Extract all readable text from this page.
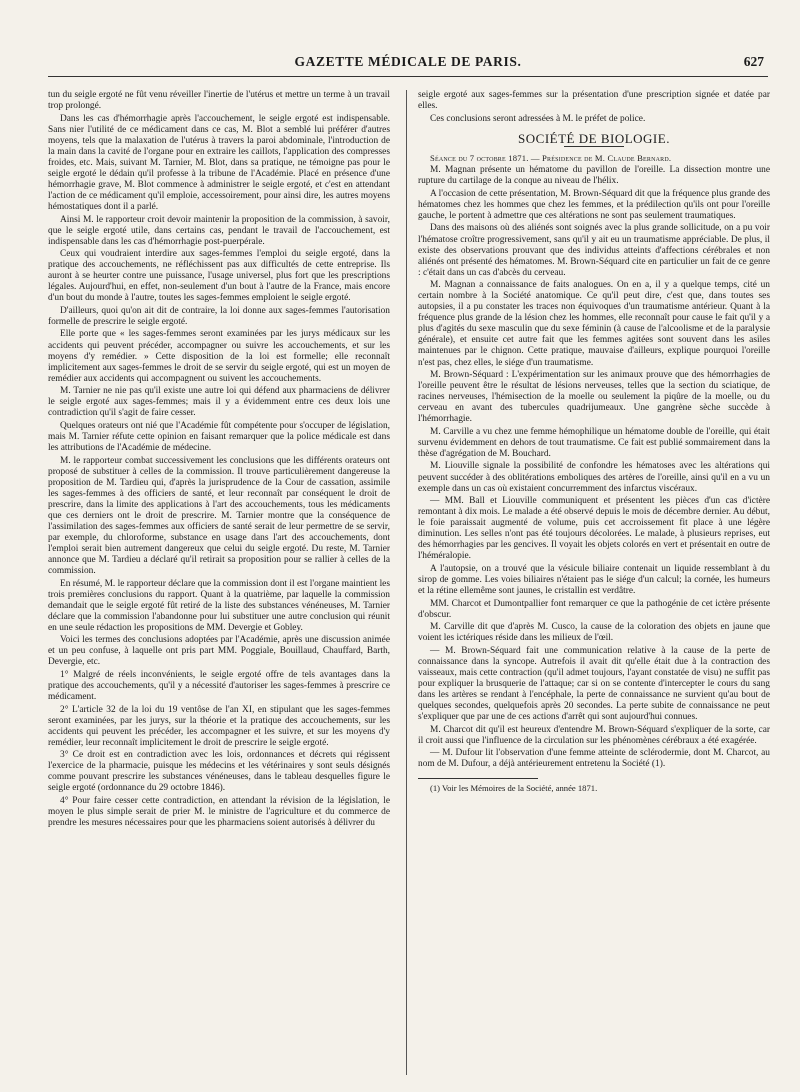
GAZETTE MÉDICALE DE PARIS.	627

tun du seigle ergoté ne fût venu réveiller l'inertie de l'utérus et mettre un terme à un travail trop prolongé.

Dans les cas d'hémorrhagie après l'accouchement, le seigle ergoté est indispensable. Sans nier l'utilité de ce médicament dans ce cas, M. Blot a semblé lui préférer d'autres moyens, tels que la malaxation de l'utérus à travers la paroi abdominale, l'introduction de la main dans la cavité de l'organe pour en extraire les caillots, l'application des compresses froides, etc. Mais, suivant M. Tarnier, M. Blot, dans sa pratique, ne témoigne pas pour le seigle ergoté le dédain qu'il professe à la tribune de l'Académie. Placé en présence d'une hémorrhagie grave, M. Blot commence à administrer le seigle ergoté, et c'est en attendant l'action de ce médicament qu'il emploie, accessoirement, pour ainsi dire, les autres moyens hémostatiques dont il a parlé.

Ainsi M. le rapporteur croit devoir maintenir la proposition de la commission, à savoir, que le seigle ergoté utile, dans certains cas, pendant le travail de l'accouchement, est indispensable dans les cas d'hémorrhagie post-puerpérale.

Ceux qui voudraient interdire aux sages-femmes l'emploi du seigle ergoté, dans la pratique des accouchements, ne réfléchissent pas aux difficultés de cette entreprise. Ils auront à se heurter contre une puissance, l'usage universel, plus fort que les prescriptions légales. Aujourd'hui, en effet, non-seulement d'un bout à l'autre de la France, mais encore d'un bout du monde à l'autre, toutes les sages-femmes emploient le seigle ergoté.

D'ailleurs, quoi qu'on ait dit de contraire, la loi donne aux sages-femmes l'autorisation formelle de prescrire le seigle ergoté.

Elle porte que « les sages-femmes seront examinées par les jurys médicaux sur les accidents qui peuvent précéder, accompagner ou suivre les accouchements, et sur les moyens d'y remédier. » Cette disposition de la loi est formelle; elle reconnaît implicitement aux sages-femmes le droit de se servir du seigle ergoté, qui est un moyen de remédier aux accidents qui accompagnent ou suivent les accouchements.

M. Tarnier ne nie pas qu'il existe une autre loi qui défend aux pharmaciens de délivrer le seigle ergoté aux sages-femmes; mais il y a évidemment entre ces deux lois une contradiction qu'il s'agit de faire cesser.

Quelques orateurs ont nié que l'Académie fût compétente pour s'occuper de législation, mais M. Tarnier réfute cette opinion en faisant remarquer que la police médicale est dans les attributions de l'Académie de médecine.

M. le rapporteur combat successivement les conclusions que les différents orateurs ont proposé de substituer à celles de la commission. Il trouve particulièrement dangereuse la proposition de M. Tardieu qui, d'après la jurisprudence de la Cour de cassation, assimile les sages-femmes à des officiers de santé, et leur reconnaît par conséquent le droit de prescrire, dans la limite des applications à l'art des accouchements, tous les médicaments que ces derniers ont le droit de prescrire. M. Tarnier montre que la conséquence de l'assimilation des sages-femmes aux officiers de santé serait de leur permettre de se servir, par exemple, du chloroforme, substance en usage dans l'art des accouchements, dont l'emploi serait bien autrement dangereux que celui du seigle ergoté. Du reste, M. Tarnier annonce que M. Tardieu a déclaré qu'il retirait sa proposition pour se rallier à celles de la commission.

En résumé, M. le rapporteur déclare que la commission dont il est l'organe maintient les trois premières conclusions du rapport. Quant à la quatrième, par laquelle la commission demandait que le seigle ergoté fût retiré de la liste des substances vénéneuses, M. Tarnier déclare que la commission l'abandonne pour lui substituer une autre conclusion qui réunit en une seule rédaction les propositions de MM. Devergie et Gobley.

Voici les termes des conclusions adoptées par l'Académie, après une discussion animée et un peu confuse, à laquelle ont pris part MM. Poggiale, Bouillaud, Chauffard, Barth, Devergie, etc.

1° Malgré de réels inconvénients, le seigle ergoté offre de tels avantages dans la pratique des accouchements, qu'il y a nécessité d'autoriser les sages-femmes à prescrire ce médicament.

2° L'article 32 de la loi du 19 ventôse de l'an XI, en stipulant que les sages-femmes seront examinées, par les jurys, sur la théorie et la pratique des accouchements, sur les accidents qui peuvent les précéder, les accompagner et les suivre, et sur les moyens d'y remédier, leur reconnaît implicitement le droit de prescrire le seigle ergoté.

3° Ce droit est en contradiction avec les lois, ordonnances et décrets qui régissent l'exercice de la pharmacie, puisque les médecins et les vétérinaires y sont seuls désignés comme pouvant prescrire les substances vénéneuses, dans le tableau desquelles figure le seigle ergoté (ordonnance du 29 octobre 1846).

4° Pour faire cesser cette contradiction, en attendant la révision de la législation, le moyen le plus simple serait de prier M. le ministre de l'agriculture et du commerce de prendre les mesures nécessaires pour que les pharmaciens soient autorisés à délivrer du

seigle ergoté aux sages-femmes sur la présentation d'une prescription signée et datée par elles.

Ces conclusions seront adressées à M. le préfet de police.

SOCIÉTÉ DE BIOLOGIE.

Séance du 7 octobre 1871. — Présidence de M. Claude Bernard.

M. Magnan présente un hématome du pavillon de l'oreille. La dissection montre une rupture du cartilage de la conque au niveau de l'hélix.

A l'occasion de cette présentation, M. Brown-Séquard dit que la fréquence plus grande des hématomes chez les hommes que chez les femmes, et la prédilection qu'ils ont pour l'oreille gauche, le portent à admettre que ces altérations ne sont pas seulement traumatiques.

Dans des maisons où des aliénés sont soignés avec la plus grande sollicitude, on a pu voir l'hématose croître progressivement, sans qu'il y ait eu un traumatisme appréciable. De plus, il existe des observations prouvant que des individus atteints d'affections cérébrales et non aliénés ont présenté des hématomes. M. Brown-Séquard cite en particulier un fait de ce genre : c'était dans un cas d'abcès du cerveau.

M. Magnan a connaissance de faits analogues. On en a, il y a quelque temps, cité un certain nombre à la Société anatomique. Ce qu'il peut dire, c'est que, dans toutes ses autopsies, il a pu constater les traces non équivoques d'un traumatisme antérieur. Quant à la fréquence plus grande de la lésion chez les hommes, elle reconnaît pour cause le fait qu'il y a plus d'agités du sexe masculin que du sexe féminin (à cause de l'alcoolisme et de la paralysie générale), et ensuite cet autre fait que les femmes agitées sont souvent dans les asiles maintenues par le chignon. Cette pratique, mauvaise d'ailleurs, explique pourquoi l'oreille n'est pas, chez elles, le siége d'un traumatisme.

M. Brown-Séquard : L'expérimentation sur les animaux prouve que des hémorrhagies de l'oreille peuvent être le résultat de lésions nerveuses, telles que la section du sciatique, de racines nerveuses, l'hémisection de la moelle ou seulement la piqûre de la moelle, ou du cerveau en avant des tubercules quadrijumeaux. Une gangrène sèche succède à l'hémorrhagie.

M. Carville a vu chez une femme hémophilique un hématome double de l'oreille, qui était survenu évidemment en dehors de tout traumatisme. Ce fait est publié sommairement dans la thèse d'agrégation de M. Bouchard.

M. Liouville signale la possibilité de confondre les hématoses avec les altérations qui peuvent succéder à des oblitérations emboliques des artères de l'oreille, ainsi qu'il en a vu un exemple dans un cas où existaient concurremment des infarctus viscéraux.

— MM. Ball et Liouville communiquent et présentent les pièces d'un cas d'ictère remontant à dix mois. Le malade a été observé depuis le mois de décembre dernier. Au début, le foie paraissait augmenté de volume, puis cet accroissement fit place à une légère diminution. Les selles n'ont pas été toujours décolorées. Le malade, à plusieurs reprises, eut des hémorrhagies par les gencives. Il voyait les objets colorés en vert et présentait en outre de l'héméralopie.

A l'autopsie, on a trouvé que la vésicule biliaire contenait un liquide ressemblant à du sirop de gomme. Les voies biliaires n'étaient pas le siége d'un calcul; la cornée, les humeurs et la rétine ellemême sont jaunes, le cristallin est verdâtre.

MM. Charcot et Dumontpallier font remarquer ce que la pathogénie de cet ictère présente d'obscur.

M. Carville dit que d'après M. Cusco, la cause de la coloration des objets en jaune que voient les ictériques réside dans les milieux de l'œil.

— M. Brown-Séquard fait une communication relative à la cause de la perte de connaissance dans la syncope. Autrefois il avait dit qu'elle était due à la contraction des vaisseaux, mais cette contraction (qu'il admet toujours, l'ayant constatée de visu) ne suffit pas pour expliquer la brusquerie de l'attaque; car si on se contente d'intercepter le cours du sang dans les artères se rendant à l'encéphale, la perte de connaissance ne survient qu'au bout de quelques secondes, quelquefois après 20 secondes. La perte subite de connaissance ne peut s'expliquer que par une de ces actions d'arrêt qui sont aujourd'hui connues.

M. Charcot dit qu'il est heureux d'entendre M. Brown-Séquard s'expliquer de la sorte, car il croit aussi que l'influence de la circulation sur les phénomènes cérébraux a été exagérée.

— M. Dufour lit l'observation d'une femme atteinte de sclérodermie, dont M. Charcot, au nom de M. Dufour, a déjà antérieurement entretenu la Société (1).

(1) Voir les Mémoires de la Société, année 1871.
